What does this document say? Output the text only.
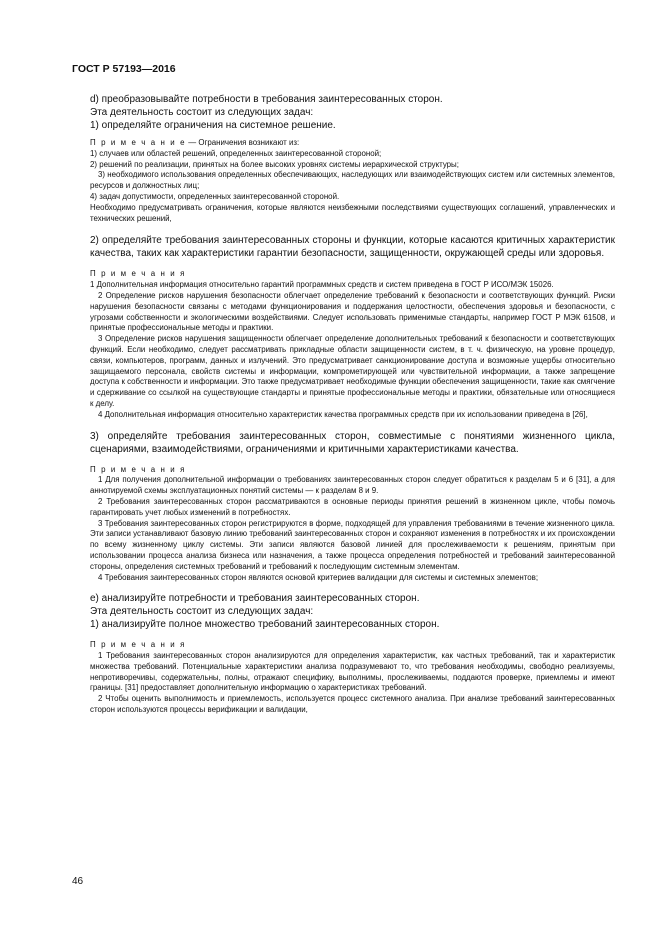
ГОСТ Р 57193—2016

d) преобразовывайте потребности в требования заинтересованных сторон.

Эта деятельность состоит из следующих задач:

1) определяйте ограничения на системное решение.

П р и м е ч а н и е — Ограничения возникают из:

1) случаев или областей решений, определенных заинтересованной стороной;

2) решений по реализации, принятых на более высоких уровнях системы иерархической структуры;

3) необходимого использования определенных обеспечивающих, наследующих или взаимодействующих систем или системных элементов, ресурсов и должностных лиц;

4) задач допустимости, определенных заинтересованной стороной.

Необходимо предусматривать ограничения, которые являются неизбежными последствиями существующих соглашений, управленческих и технических решений,

2) определяйте требования заинтересованных стороны и функции, которые касаются критичных характеристик качества, таких как характеристики гарантии безопасности, защищенности, окружающей среды или здоровья.

П р и м е ч а н и я

1 Дополнительная информация относительно гарантий программных средств и систем приведена в ГОСТ Р ИСО/МЭК 15026.

2 Определение рисков нарушения безопасности облегчает определение требований к безопасности и соответствующих функций. Риски нарушения безопасности связаны с методами функционирования и поддержания целостности, обеспечения здоровья и безопасности, с угрозами собственности и экологическими воздействиями. Следует использовать применимые стандарты, например ГОСТ Р МЭК 61508, и принятые профессиональные методы и практики.

3 Определение рисков нарушения защищенности облегчает определение дополнительных требований к безопасности и соответствующих функций. Если необходимо, следует рассматривать прикладные области защищенности систем, в т. ч. физическую, на уровне процедур, связи, компьютеров, программ, данных и излучений. Это предусматривает санкционирование доступа и возможные ущербы относительно защищаемого персонала, свойств системы и информации, компрометирующей или чувствительной информации, а также запрещение доступа к собственности и информации. Это также предусматривает необходимые функции обеспечения защищенности, такие как смягчение и сдерживание со ссылкой на существующие стандарты и принятые профессиональные методы и практики, обязательные или относящиеся к делу.

4 Дополнительная информация относительно характеристик качества программных средств при их использовании приведена в [26],

3) определяйте требования заинтересованных сторон, совместимые с понятиями жизненного цикла, сценариями, взаимодействиями, ограничениями и критичными характеристиками качества.

П р и м е ч а н и я

1 Для получения дополнительной информации о требованиях заинтересованных сторон следует обратиться к разделам 5 и 6 [31], а для аннотируемой схемы эксплуатационных понятий системы — к разделам 8 и 9.

2 Требования заинтересованных сторон рассматриваются в основные периоды принятия решений в жизненном цикле, чтобы помочь гарантировать учет любых изменений в потребностях.

3 Требования заинтересованных сторон регистрируются в форме, подходящей для управления требованиями в течение жизненного цикла. Эти записи устанавливают базовую линию требований заинтересованных сторон и сохраняют изменения в потребностях и их происхождении по всему жизненному циклу системы. Эти записи являются базовой линией для прослеживаемости к решениям, принятым при использовании процесса анализа бизнеса или назначения, а также процесса определения потребностей и требований заинтересованной стороны, определения системных требований и требований к последующим системным элементам.

4 Требования заинтересованных сторон являются основой критериев валидации для системы и системных элементов;

е) анализируйте потребности и требования заинтересованных сторон.

Эта деятельность состоит из следующих задач:

1) анализируйте полное множество требований заинтересованных сторон.

П р и м е ч а н и я

1 Требования заинтересованных сторон анализируются для определения характеристик, как частных требований, так и характеристик множества требований. Потенциальные характеристики анализа подразумевают то, что требования необходимы, свободно реализуемы, непротиворечивы, содержательны, полны, отражают специфику, выполнимы, прослеживаемы, поддаются проверке, приемлемы и имеют границы. [31] предоставляет дополнительную информацию о характеристиках требований.

2 Чтобы оценить выполнимость и приемлемость, используется процесс системного анализа. При анализе требований заинтересованных сторон используются процессы верификации и валидации,

46
